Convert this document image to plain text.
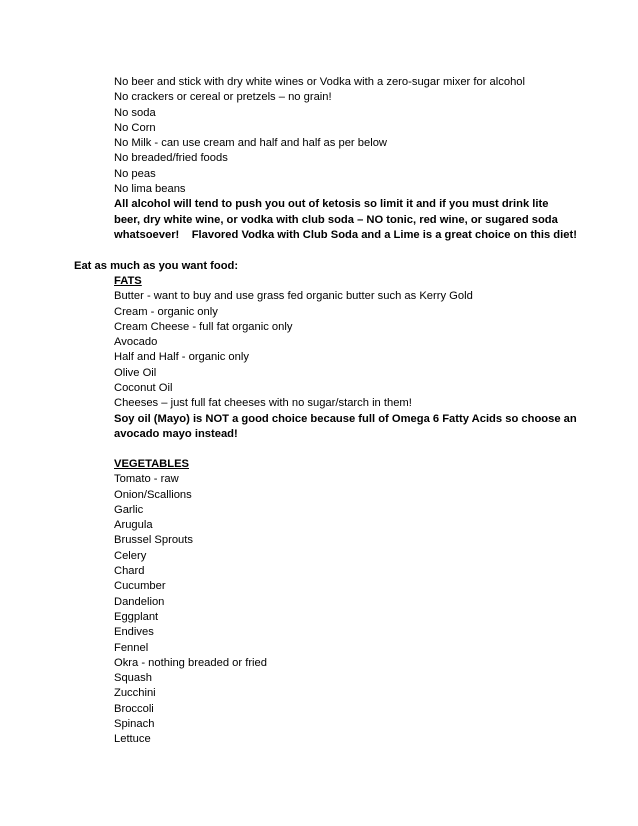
No beer and stick with dry white wines or Vodka with a zero-sugar mixer for alcohol
No crackers or cereal or pretzels – no grain!
No soda
No Corn
No Milk - can use cream and half and half as per below
No breaded/fried foods
No peas
No lima beans
All alcohol will tend to push you out of ketosis so limit it and if you must drink lite
beer, dry white wine, or vodka with club soda – NO tonic, red wine, or sugared soda
whatsoever!    Flavored Vodka with Club Soda and a Lime is a great choice on this diet!
Eat as much as you want food:
FATS
Butter - want to buy and use grass fed organic butter such as Kerry Gold
Cream - organic only
Cream Cheese - full fat organic only
Avocado
Half and Half - organic only
Olive Oil
Coconut Oil
Cheeses – just full fat cheeses with no sugar/starch in them!
Soy oil (Mayo) is NOT a good choice because full of Omega 6 Fatty Acids so choose an
avocado mayo instead!
VEGETABLES
Tomato - raw
Onion/Scallions
Garlic
Arugula
Brussel Sprouts
Celery
Chard
Cucumber
Dandelion
Eggplant
Endives
Fennel
Okra - nothing breaded or fried
Squash
Zucchini
Broccoli
Spinach
Lettuce
